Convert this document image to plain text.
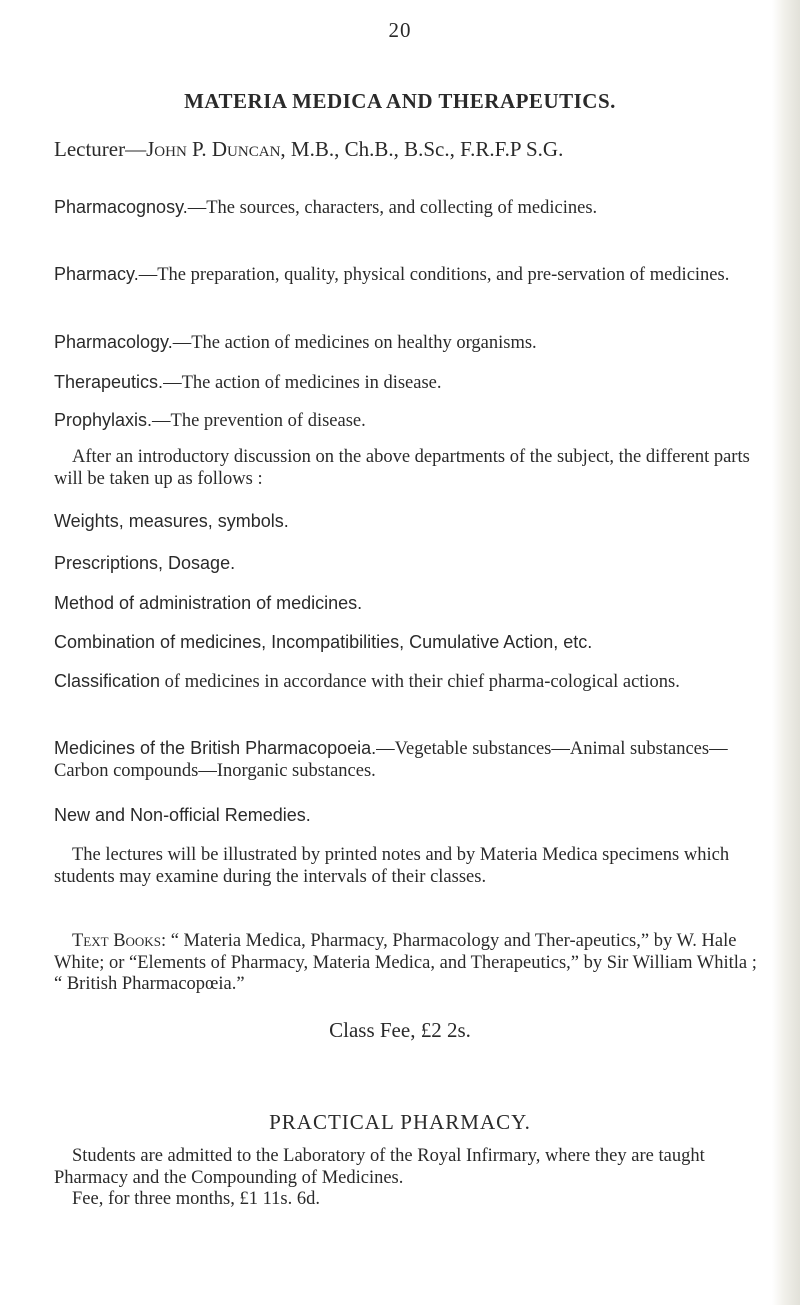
20
MATERIA MEDICA AND THERAPEUTICS.
Lecturer—John P. Duncan, M.B., Ch.B., B.Sc., F.R.F.P S.G.
Pharmacognosy.—The sources, characters, and collecting of medicines.
Pharmacy.—The preparation, quality, physical conditions, and pre-servation of medicines.
Pharmacology.—The action of medicines on healthy organisms.
Therapeutics.—The action of medicines in disease.
Prophylaxis.—The prevention of disease.
After an introductory discussion on the above departments of the subject, the different parts will be taken up as follows :
Weights, measures, symbols.
Prescriptions, Dosage.
Method of administration of medicines.
Combination of medicines, Incompatibilities, Cumulative Action, etc.
Classification of medicines in accordance with their chief pharma-cological actions.
Medicines of the British Pharmacopoeia.—Vegetable substances—Animal substances—Carbon compounds—Inorganic substances.
New and Non-official Remedies.
The lectures will be illustrated by printed notes and by Materia Medica specimens which students may examine during the intervals of their classes.
Text Books: “ Materia Medica, Pharmacy, Pharmacology and Ther-apeutics,” by W. Hale White; or “Elements of Pharmacy, Materia Medica, and Therapeutics,” by Sir William Whitla ; “ British Pharmacopœia.”
Class Fee, £2 2s.
PRACTICAL PHARMACY.
Students are admitted to the Laboratory of the Royal Infirmary, where they are taught Pharmacy and the Compounding of Medicines.
Fee, for three months, £1 11s. 6d.
